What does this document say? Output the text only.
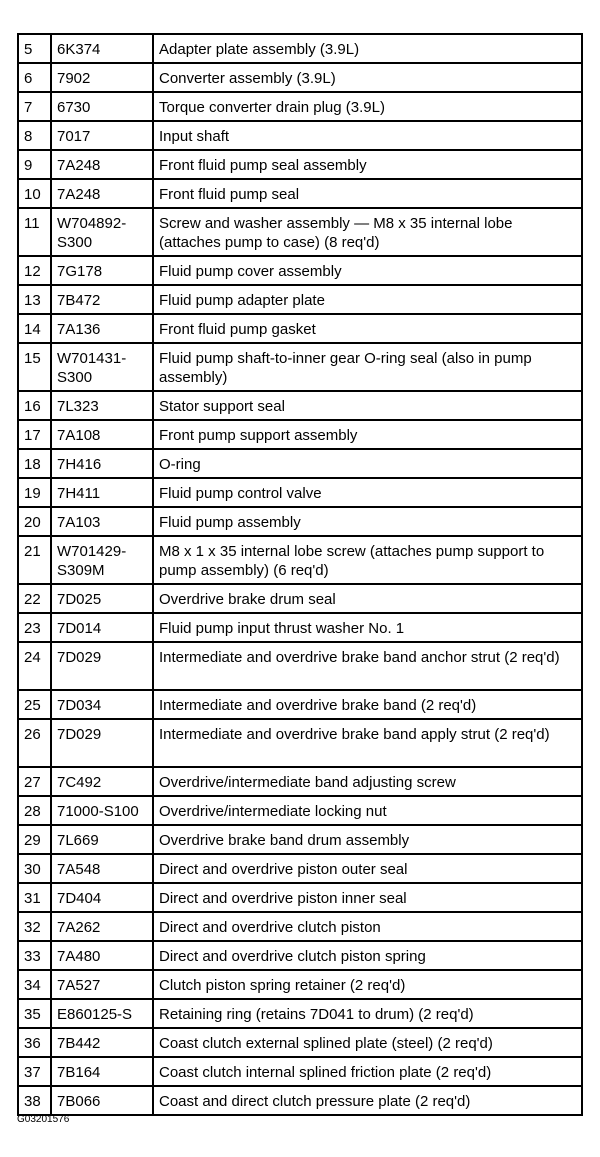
5	6K374	Adapter plate assembly (3.9L)
6	7902	Converter assembly (3.9L)
7	6730	Torque converter drain plug (3.9L)
8	7017	Input shaft
9	7A248	Front fluid pump seal assembly
10	7A248	Front fluid pump seal
11	W704892-S300	Screw and washer assembly — M8 x 35 internal lobe (attaches pump to case) (8 req'd)
12	7G178	Fluid pump cover assembly
13	7B472	Fluid pump adapter plate
14	7A136	Front fluid pump gasket
15	W701431-S300	Fluid pump shaft-to-inner gear O-ring seal (also in pump assembly)
16	7L323	Stator support seal
17	7A108	Front pump support assembly
18	7H416	O-ring
19	7H411	Fluid pump control valve
20	7A103	Fluid pump assembly
21	W701429-S309M	M8 x 1 x 35 internal lobe screw (attaches pump support to pump assembly) (6 req'd)
22	7D025	Overdrive brake drum seal
23	7D014	Fluid pump input thrust washer No. 1
24	7D029	Intermediate and overdrive brake band anchor strut (2 req'd)
25	7D034	Intermediate and overdrive brake band (2 req'd)
26	7D029	Intermediate and overdrive brake band apply strut (2 req'd)
27	7C492	Overdrive/intermediate band adjusting screw
28	71000-S100	Overdrive/intermediate locking nut
29	7L669	Overdrive brake band drum assembly
30	7A548	Direct and overdrive piston outer seal
31	7D404	Direct and overdrive piston inner seal
32	7A262	Direct and overdrive clutch piston
33	7A480	Direct and overdrive clutch piston spring
34	7A527	Clutch piston spring retainer (2 req'd)
35	E860125-S	Retaining ring (retains 7D041 to drum) (2 req'd)
36	7B442	Coast clutch external splined plate (steel) (2 req'd)
37	7B164	Coast clutch internal splined friction plate (2 req'd)
38	7B066	Coast and direct clutch pressure plate (2 req'd)
G03201576
